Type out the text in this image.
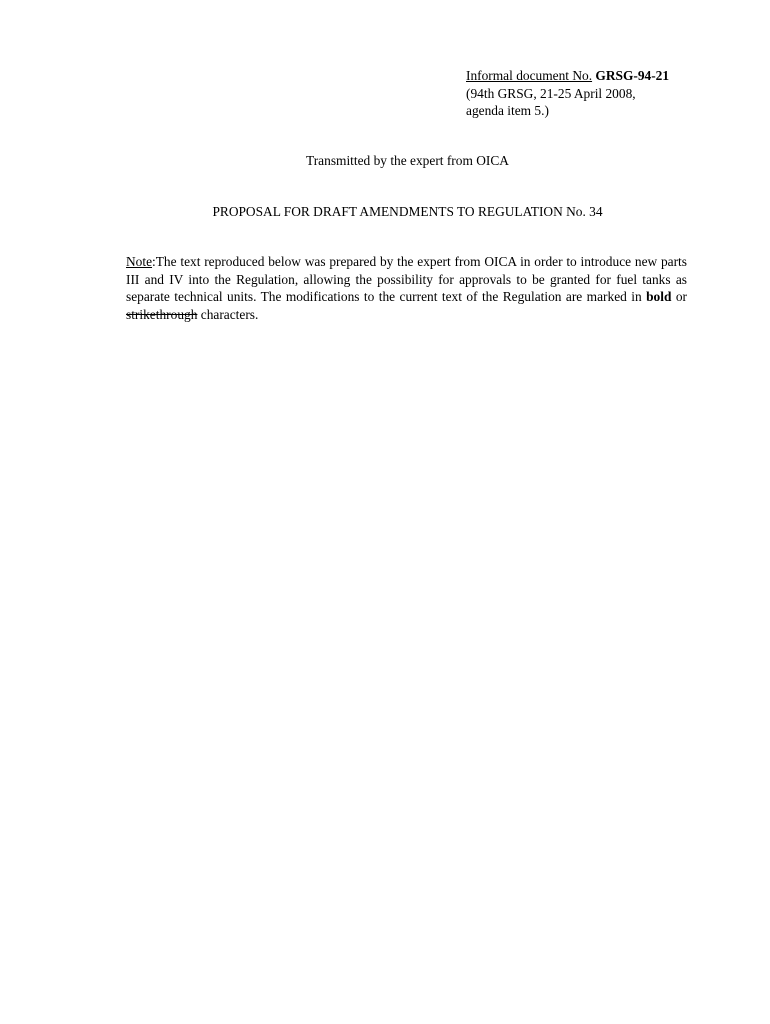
Informal document No. GRSG-94-21
(94th GRSG, 21-25 April 2008,
agenda item 5.)
Transmitted by the expert from OICA
PROPOSAL FOR DRAFT AMENDMENTS TO REGULATION No. 34
Note:The text reproduced below was prepared by the expert from OICA in order to introduce new parts III and IV into the Regulation, allowing the possibility for approvals to be granted for fuel tanks as separate technical units. The modifications to the current text of the Regulation are marked in bold or strikethrough characters.
